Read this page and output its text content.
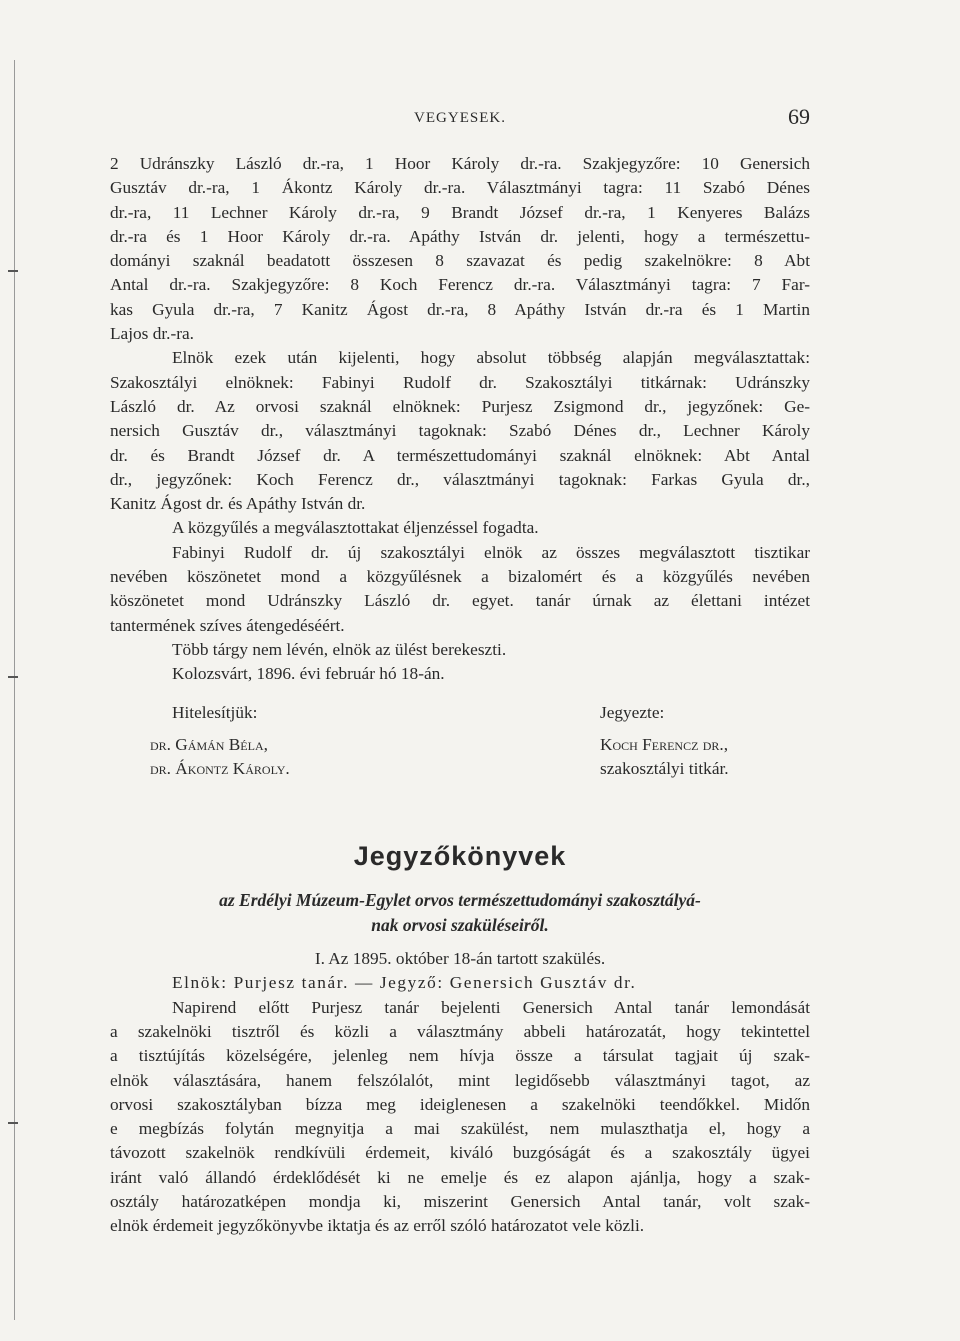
VEGYESEK.	69

2 Udránszky László dr.-ra, 1 Hoor Károly dr.-ra. Szakjegyzőre: 10 Genersich

Gusztáv dr.-ra, 1 Ákontz Károly dr.-ra. Választmányi tagra: 11 Szabó Dénes

dr.-ra, 11 Lechner Károly dr.-ra, 9 Brandt József dr.-ra, 1 Kenyeres Balázs

dr.-ra és 1 Hoor Károly dr.-ra. Apáthy István dr. jelenti, hogy a természettu-

dományi szaknál beadatott összesen 8 szavazat és pedig szakelnökre: 8 Abt

Antal dr.-ra. Szakjegyzőre: 8 Koch Ferencz dr.-ra. Választmányi tagra: 7 Far-

kas Gyula dr.-ra, 7 Kanitz Ágost dr.-ra, 8 Apáthy István dr.-ra és 1 Martin

Lajos dr.-ra.

Elnök ezek után kijelenti, hogy absolut többség alapján megválasztattak:

Szakosztályi elnöknek: Fabinyi Rudolf dr. Szakosztályi titkárnak: Udránszky

László dr. Az orvosi szaknál elnöknek: Purjesz Zsigmond dr., jegyzőnek: Ge-

nersich Gusztáv dr., választmányi tagoknak: Szabó Dénes dr., Lechner Károly

dr. és Brandt József dr. A természettudományi szaknál elnöknek: Abt Antal

dr., jegyzőnek: Koch Ferencz dr., választmányi tagoknak: Farkas Gyula dr.,

Kanitz Ágost dr. és Apáthy István dr.

A közgyűlés a megválasztottakat éljenzéssel fogadta.

Fabinyi Rudolf dr. új szakosztályi elnök az összes megválasztott tisztikar

nevében köszönetet mond a közgyűlésnek a bizalomért és a közgyűlés nevében

köszönetet mond Udránszky László dr. egyet. tanár úrnak az élettani intézet

tantermének szíves átengedéséért.

Több tárgy nem lévén, elnök az ülést berekeszti.

Kolozsvárt, 1896. évi február hó 18-án.

Hitelesítjük:	Jegyezte:
dr. Gámán Béla,	Koch Ferencz dr.,
dr. Ákontz Károly.	szakosztályi titkár.
Jegyzőkönyvek

az Erdélyi Múzeum-Egylet orvos természettudományi szakosztályá-

nak orvosi szaküléseiről.

I. Az 1895. október 18-án tartott szakülés.

Elnök: Purjesz tanár. — Jegyző: Genersich Gusztáv dr.

Napirend előtt Purjesz tanár bejelenti Genersich Antal tanár lemondását

a szakelnöki tisztről és közli a választmány abbeli határozatát, hogy tekintettel

a tisztújítás közelségére, jelenleg nem hívja össze a társulat tagjait új szak-

elnök választására, hanem felszólalót, mint legidősebb választmányi tagot, az

orvosi szakosztályban bízza meg ideiglenesen a szakelnöki teendőkkel. Midőn

e megbízás folytán megnyitja a mai szakülést, nem mulaszthatja el, hogy a

távozott szakelnök rendkívüli érdemeit, kiváló buzgóságát és a szakosztály ügyei

iránt való állandó érdeklődését ki ne emelje és ez alapon ajánlja, hogy a szak-

osztály határozatképen mondja ki, miszerint Genersich Antal tanár, volt szak-

elnök érdemeit jegyzőkönyvbe iktatja és az erről szóló határozatot vele közli.
